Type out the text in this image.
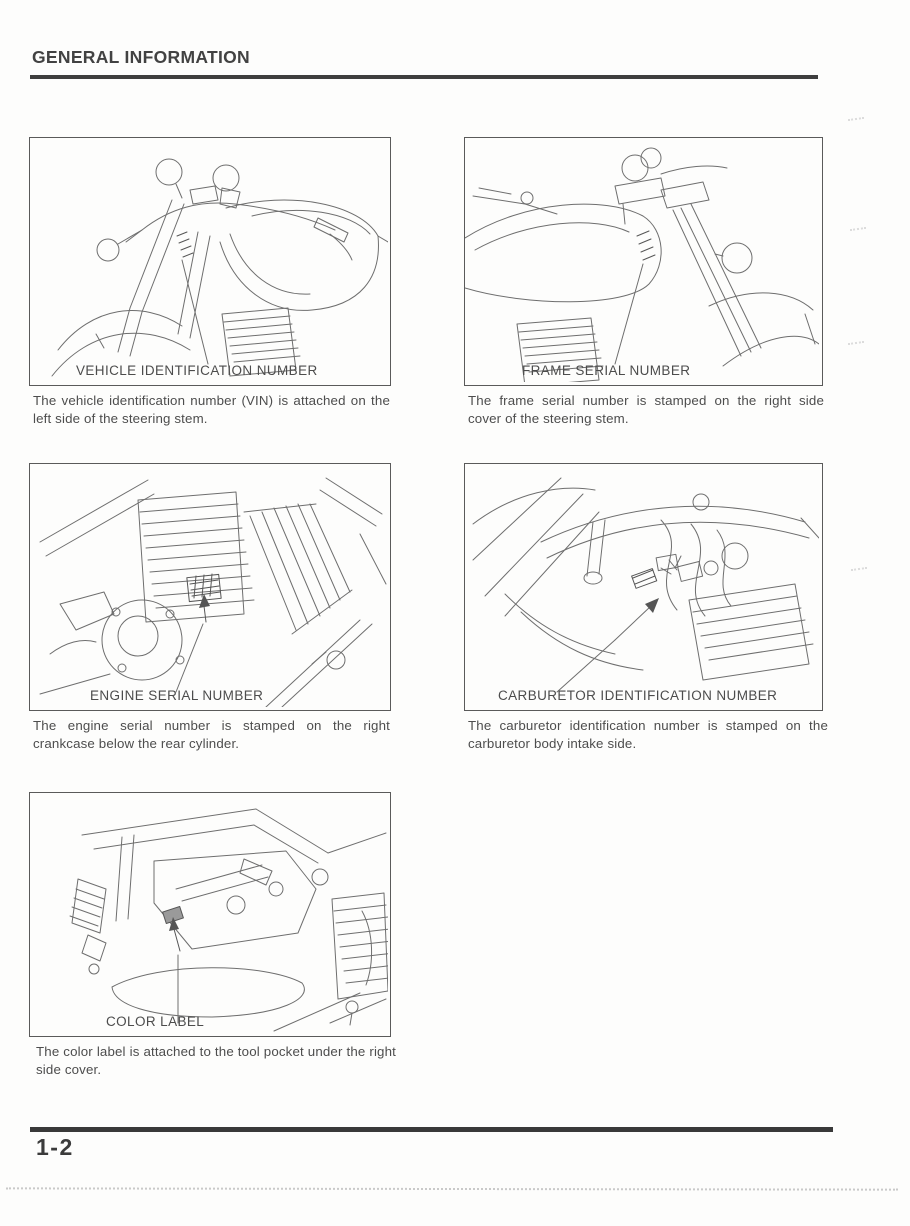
GENERAL INFORMATION
VEHICLE IDENTIFICATION NUMBER

The vehicle identification number (VIN) is attached on the left side of the steering stem.

FRAME SERIAL NUMBER

The frame serial number is stamped on the right side cover of the steering stem.

ENGINE SERIAL NUMBER

The engine serial number is stamped on the right crankcase below the rear cylinder.

CARBURETOR IDENTIFICATION NUMBER

The carburetor identification number is stamped on the carburetor body intake side.

COLOR LABEL

The color label is attached to the tool pocket under the right side cover.

1-2
